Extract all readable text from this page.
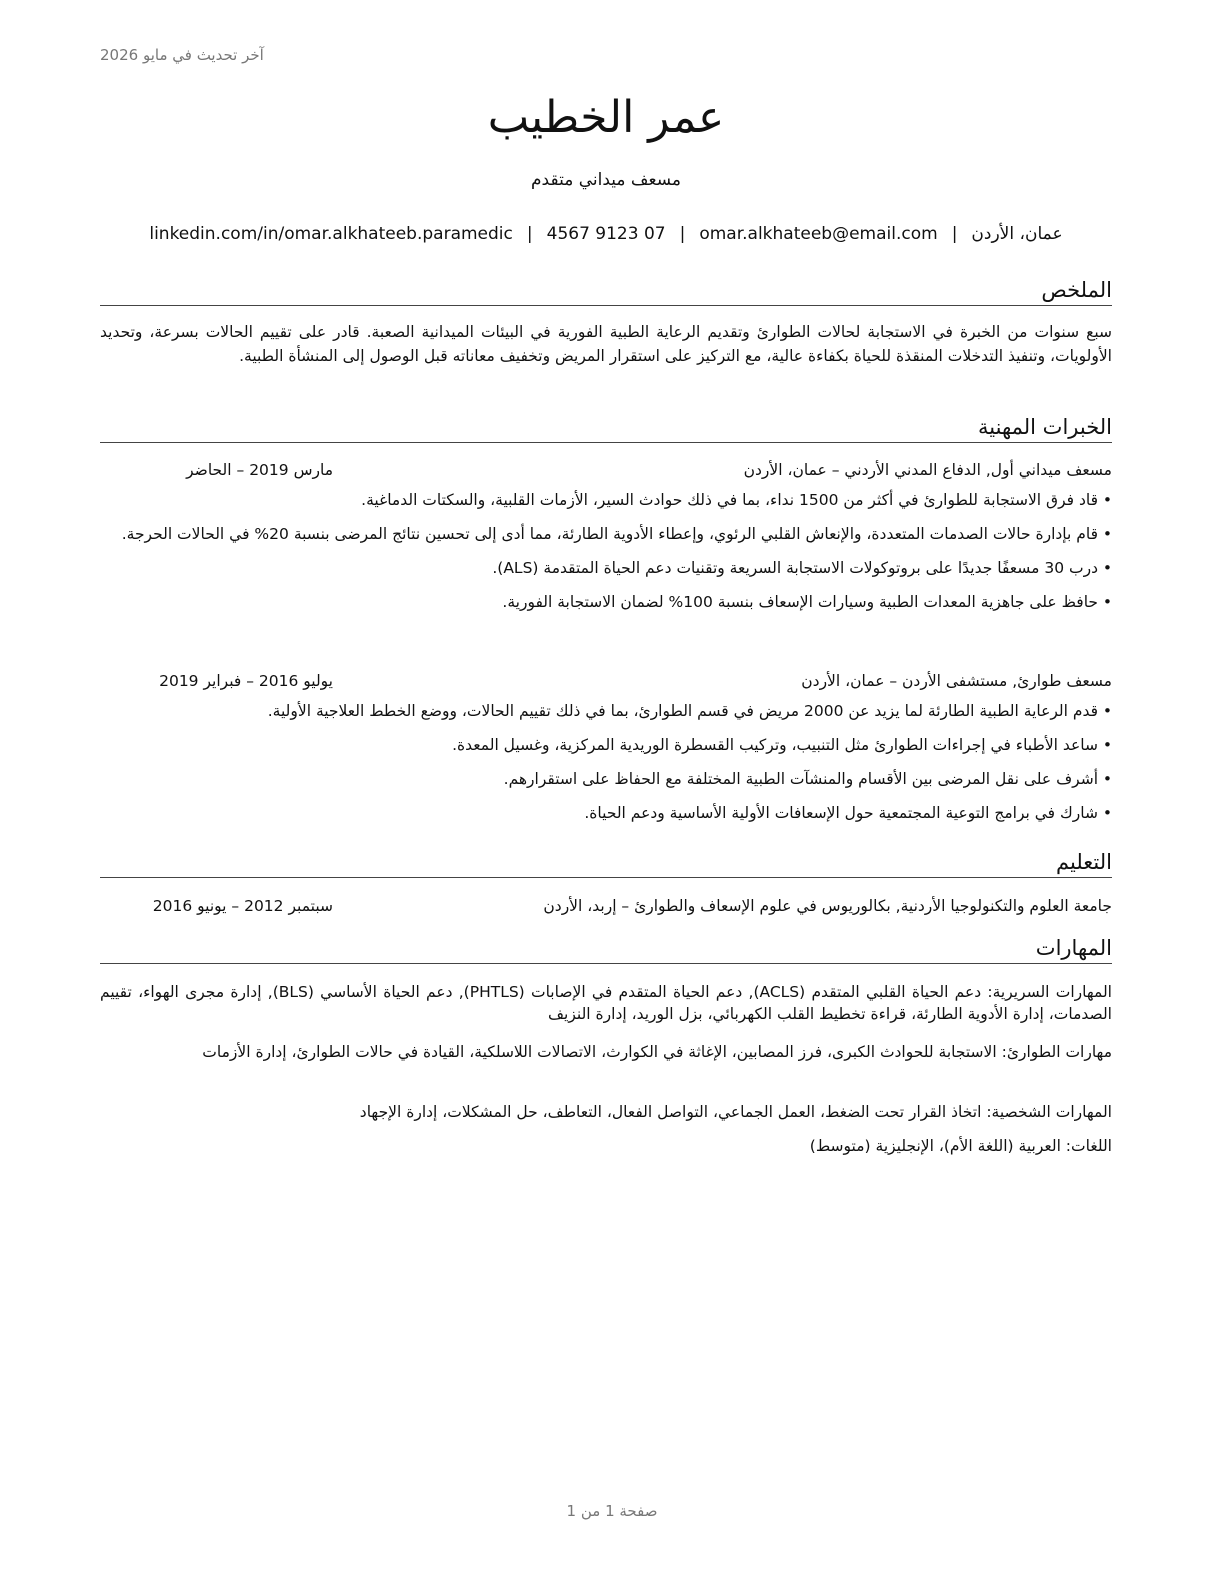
آخر تحديث في مايو 2026
عمر الخطيب
مسعف ميداني متقدم
عمان، الأردن|omar.alkhateeb@email.com|4567 9123 07|linkedin.com/in/omar.alkhateeb.paramedic
الملخص

سبع سنوات من الخبرة في الاستجابة لحالات الطوارئ وتقديم الرعاية الطبية الفورية في البيئات الميدانية الصعبة. قادر على تقييم الحالات بسرعة، وتحديد الأولويات، وتنفيذ التدخلات المنقذة للحياة بكفاءة عالية، مع التركيز على استقرار المريض وتخفيف معاناته قبل الوصول إلى المنشأة الطبية.

الخبرات المهنية
مسعف ميداني أول, الدفاع المدني الأردني – عمان، الأردن
مارس 2019 – الحاضر
• قاد فرق الاستجابة للطوارئ في أكثر من 1500 نداء، بما في ذلك حوادث السير، الأزمات القلبية، والسكتات الدماغية.
• قام بإدارة حالات الصدمات المتعددة، والإنعاش القلبي الرئوي، وإعطاء الأدوية الطارئة، مما أدى إلى تحسين نتائج المرضى بنسبة 20% في الحالات الحرجة.
• درب 30 مسعفًا جديدًا على بروتوكولات الاستجابة السريعة وتقنيات دعم الحياة المتقدمة (ALS).
• حافظ على جاهزية المعدات الطبية وسيارات الإسعاف بنسبة 100% لضمان الاستجابة الفورية.
مسعف طوارئ, مستشفى الأردن – عمان، الأردن
يوليو 2016 – فبراير 2019
• قدم الرعاية الطبية الطارئة لما يزيد عن 2000 مريض في قسم الطوارئ، بما في ذلك تقييم الحالات، ووضع الخطط العلاجية الأولية.
• ساعد الأطباء في إجراءات الطوارئ مثل التنبيب، وتركيب القسطرة الوريدية المركزية، وغسيل المعدة.
• أشرف على نقل المرضى بين الأقسام والمنشآت الطبية المختلفة مع الحفاظ على استقرارهم.
• شارك في برامج التوعية المجتمعية حول الإسعافات الأولية الأساسية ودعم الحياة.
التعليم
جامعة العلوم والتكنولوجيا الأردنية, بكالوريوس في علوم الإسعاف والطوارئ – إربد، الأردن
سبتمبر 2012 – يونيو 2016
المهارات

المهارات السريرية: دعم الحياة القلبي المتقدم (ACLS), دعم الحياة المتقدم في الإصابات (PHTLS), دعم الحياة الأساسي (BLS), إدارة مجرى الهواء، تقييم الصدمات، إدارة الأدوية الطارئة، قراءة تخطيط القلب الكهربائي، بزل الوريد، إدارة النزيف

مهارات الطوارئ: الاستجابة للحوادث الكبرى، فرز المصابين، الإغاثة في الكوارث، الاتصالات اللاسلكية، القيادة في حالات الطوارئ، إدارة الأزمات

المهارات الشخصية: اتخاذ القرار تحت الضغط، العمل الجماعي، التواصل الفعال، التعاطف، حل المشكلات، إدارة الإجهاد

اللغات: العربية (اللغة الأم)، الإنجليزية (متوسط)

صفحة 1 من 1
